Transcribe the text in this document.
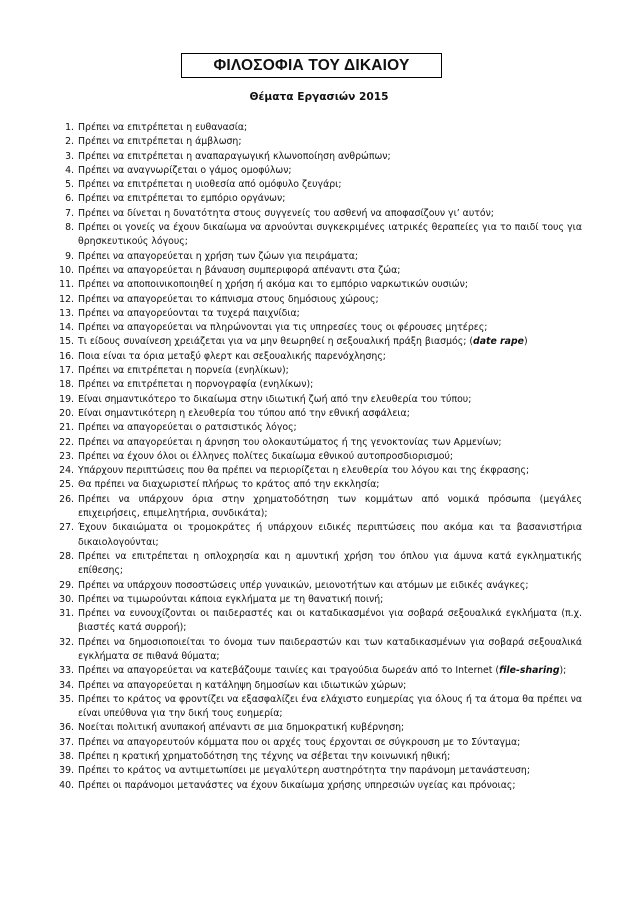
ΦΙΛΟΣΟΦΙΑ ΤΟΥ ΔΙΚΑΙΟΥ
Θέματα Εργασιών 2015
1. Πρέπει να επιτρέπεται η ευθανασία;
2. Πρέπει να επιτρέπεται η άμβλωση;
3. Πρέπει να επιτρέπεται η αναπαραγωγική κλωνοποίηση ανθρώπων;
4. Πρέπει να αναγνωρίζεται ο γάμος ομοφύλων;
5. Πρέπει να επιτρέπεται η υιοθεσία από ομόφυλο ζευγάρι;
6. Πρέπει να επιτρέπεται το εμπόριο οργάνων;
7. Πρέπει να δίνεται η δυνατότητα στους συγγενείς του ασθενή να αποφασίζουν γι’ αυτόν;
8. Πρέπει οι γονείς να έχουν δικαίωμα να αρνούνται συγκεκριμένες ιατρικές θεραπείες για το παιδί τους για θρησκευτικούς λόγους;
9. Πρέπει να απαγορεύεται η χρήση των ζώων για πειράματα;
10. Πρέπει να απαγορεύεται η βάναυση συμπεριφορά απέναντι στα ζώα;
11. Πρέπει να αποποινικοποιηθεί η χρήση ή ακόμα και το εμπόριο ναρκωτικών ουσιών;
12. Πρέπει να απαγορεύεται το κάπνισμα στους δημόσιους χώρους;
13. Πρέπει να απαγορεύονται τα τυχερά παιχνίδια;
14. Πρέπει να απαγορεύεται να πληρώνονται για τις υπηρεσίες τους οι φέρουσες μητέρες;
15. Τι είδους συναίνεση χρειάζεται για να μην θεωρηθεί η σεξουαλική πράξη βιασμός; (date rape)
16. Ποια είναι τα όρια μεταξύ φλερτ και σεξουαλικής παρενόχλησης;
17. Πρέπει να επιτρέπεται η πορνεία (ενηλίκων);
18. Πρέπει να επιτρέπεται η πορνογραφία (ενηλίκων);
19. Είναι σημαντικότερο το δικαίωμα στην ιδιωτική ζωή από την ελευθερία του τύπου;
20. Είναι σημαντικότερη η ελευθερία του τύπου από την εθνική ασφάλεια;
21. Πρέπει να απαγορεύεται ο ρατσιστικός λόγος;
22. Πρέπει να απαγορεύεται η άρνηση του ολοκαυτώματος ή της γενοκτονίας των Αρμενίων;
23. Πρέπει να έχουν όλοι οι έλληνες πολίτες δικαίωμα εθνικού αυτοπροσδιορισμού;
24. Υπάρχουν περιπτώσεις που θα πρέπει να περιορίζεται η ελευθερία του λόγου και της έκφρασης;
25. Θα πρέπει να διαχωριστεί πλήρως το κράτος από την εκκλησία;
26. Πρέπει να υπάρχουν όρια στην χρηματοδότηση των κομμάτων από νομικά πρόσωπα (μεγάλες επιχειρήσεις, επιμελητήρια, συνδικάτα);
27. Έχουν δικαιώματα οι τρομοκράτες ή υπάρχουν ειδικές περιπτώσεις που ακόμα και τα βασανιστήρια δικαιολογούνται;
28. Πρέπει να επιτρέπεται η οπλοχρησία και η αμυντική χρήση του όπλου για άμυνα κατά εγκληματικής επίθεσης;
29. Πρέπει να υπάρχουν ποσοστώσεις υπέρ γυναικών, μειονοτήτων και ατόμων με ειδικές ανάγκες;
30. Πρέπει να τιμωρούνται κάποια εγκλήματα με τη θανατική ποινή;
31. Πρέπει να ευνουχίζονται οι παιδεραστές και οι καταδικασμένοι για σοβαρά σεξουαλικά εγκλήματα (π.χ. βιαστές κατά συρροή);
32. Πρέπει να δημοσιοποιείται το όνομα των παιδεραστών και των καταδικασμένων για σοβαρά σεξουαλικά εγκλήματα σε πιθανά θύματα;
33. Πρέπει να απαγορεύεται να κατεβάζουμε ταινίες και τραγούδια δωρεάν από το Internet (file-sharing);
34. Πρέπει να απαγορεύεται η κατάληψη δημοσίων και ιδιωτικών χώρων;
35. Πρέπει το κράτος να φροντίζει να εξασφαλίζει ένα ελάχιστο ευημερίας για όλους ή τα άτομα θα πρέπει να είναι υπεύθυνα για την δική τους ευημερία;
36. Νοείται πολιτική ανυπακοή απέναντι σε μια δημοκρατική κυβέρνηση;
37. Πρέπει να απαγορευτούν κόμματα που οι αρχές τους έρχονται σε σύγκρουση με το Σύνταγμα;
38. Πρέπει η κρατική χρηματοδότηση της τέχνης να σέβεται την κοινωνική ηθική;
39. Πρέπει το κράτος να αντιμετωπίσει με μεγαλύτερη αυστηρότητα την παράνομη μετανάστευση;
40. Πρέπει οι παράνομοι μετανάστες να έχουν δικαίωμα χρήσης υπηρεσιών υγείας και πρόνοιας;
